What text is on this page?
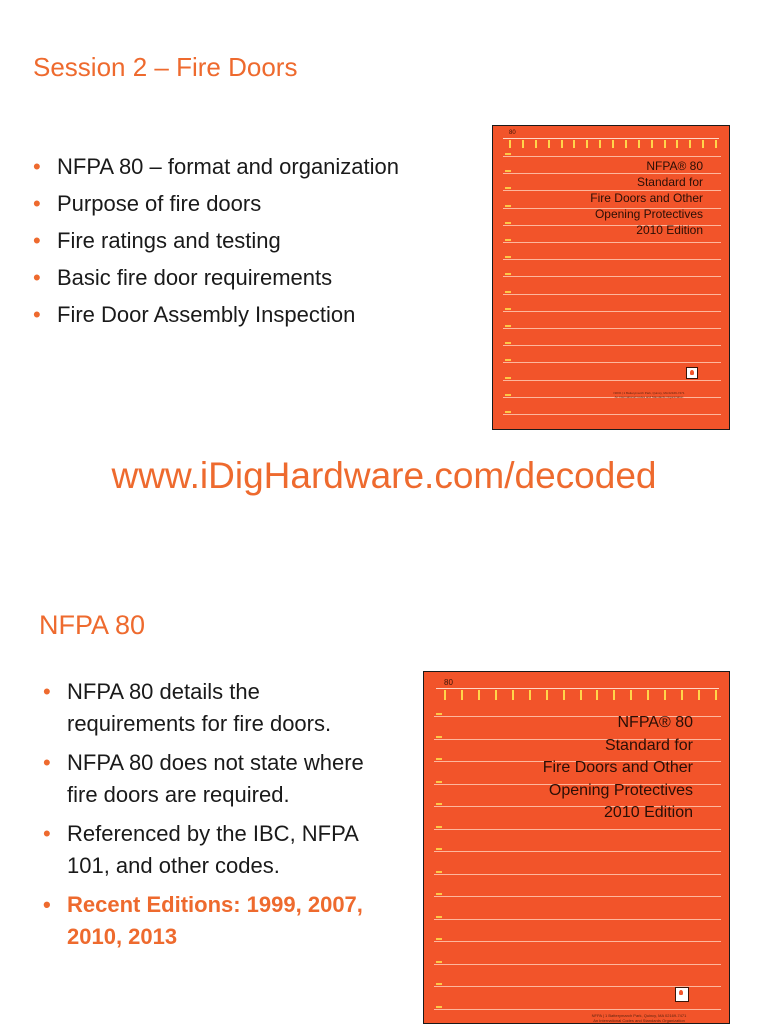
Session 2 – Fire Doors
• NFPA 80 – format and organization
• Purpose of fire doors
• Fire ratings and testing
• Basic fire door requirements
• Fire Door Assembly Inspection
80
NFPA® 80
Standard for
Fire Doors and Other
Opening Protectives
2010 Edition
NFPA | 1 Batterymarch Park, Quincy, MA 02169-7471
An International Codes and Standards Organization
www.iDigHardware.com/decoded
NFPA 80
• NFPA 80 details the requirements for fire doors.
• NFPA 80 does not state where fire doors are required.
• Referenced by the IBC, NFPA 101, and other codes.
• Recent Editions: 1999, 2007, 2010, 2013
80
NFPA® 80
Standard for
Fire Doors and Other
Opening Protectives
2010 Edition
NFPA | 1 Batterymarch Park, Quincy, MA 02169-7471
An International Codes and Standards Organization
